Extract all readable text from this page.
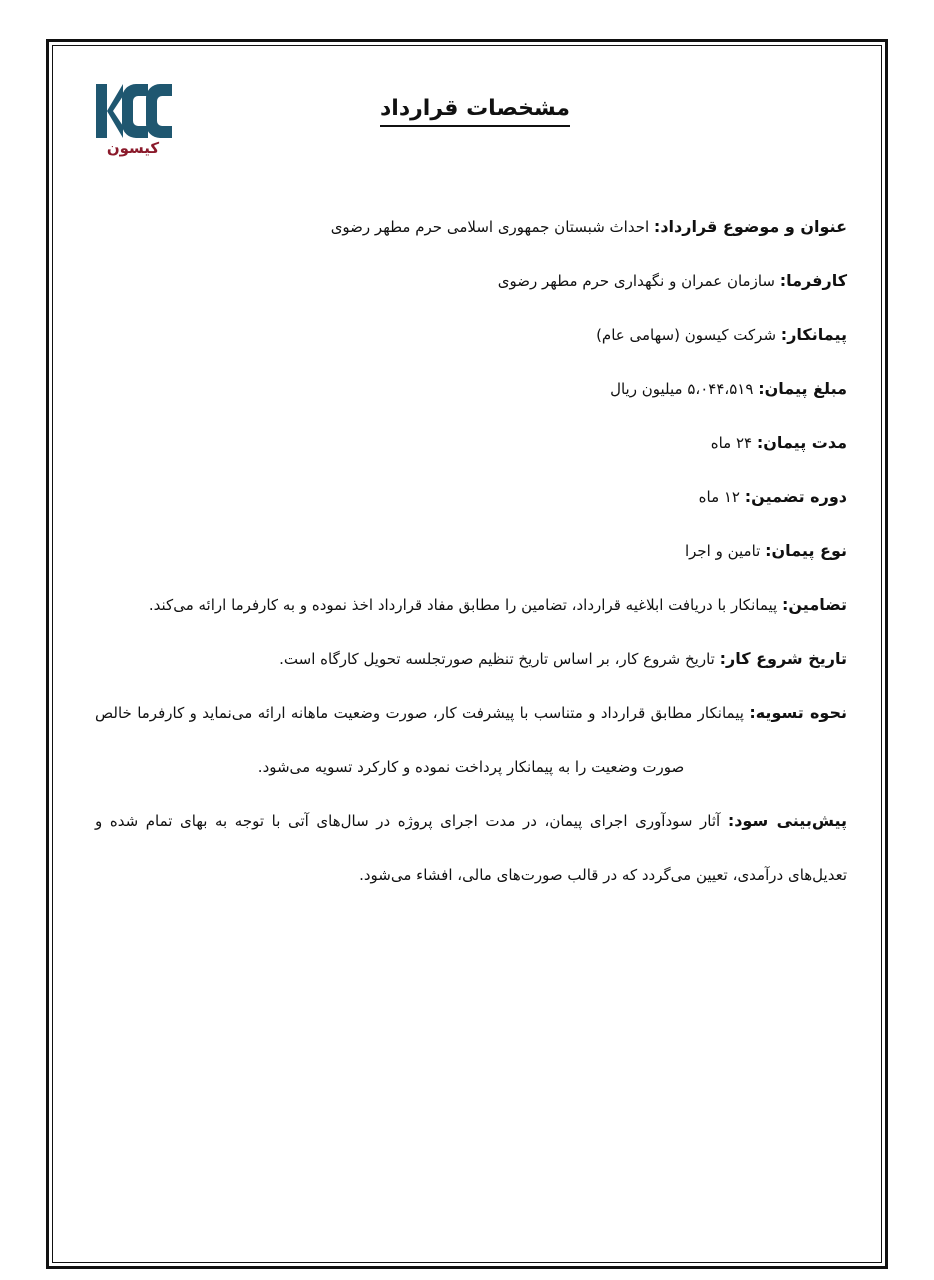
کیسون
مشخصات قرارداد

عنوان و موضوع قرارداد: احداث شبستان جمهوری اسلامی حرم مطهر رضوی

کارفرما: سازمان عمران و نگهداری حرم مطهر رضوی

پیمانکار: شرکت کیسون (سهامی عام)

مبلغ پیمان: ۵،۰۴۴،۵۱۹ میلیون ریال

مدت پیمان: ۲۴ ماه

دوره تضمین: ۱۲ ماه

نوع پیمان: تامین و اجرا

تضامین: پیمانکار با دریافت ابلاغیه قرارداد، تضامین را مطابق مفاد قرارداد اخذ نموده و به کارفرما ارائه می‌کند.

تاریخ شروع کار: تاریخ شروع کار، بر اساس تاریخ تنظیم صورتجلسه تحویل کارگاه است.

نحوه تسویه: پیمانکار مطابق قرارداد و متناسب با پیشرفت کار، صورت وضعیت ماهانه ارائه می‌نماید و کارفرما خالص صورت وضعیت را به پیمانکار پرداخت نموده و کارکرد تسویه می‌شود.

پیش‌بینی سود: آثار سودآوری اجرای پیمان، در مدت اجرای پروژه در سال‌های آتی با توجه به بهای تمام شده و تعدیل‌های درآمدی، تعیین می‌گردد که در قالب صورت‌های مالی، افشاء می‌شود.
